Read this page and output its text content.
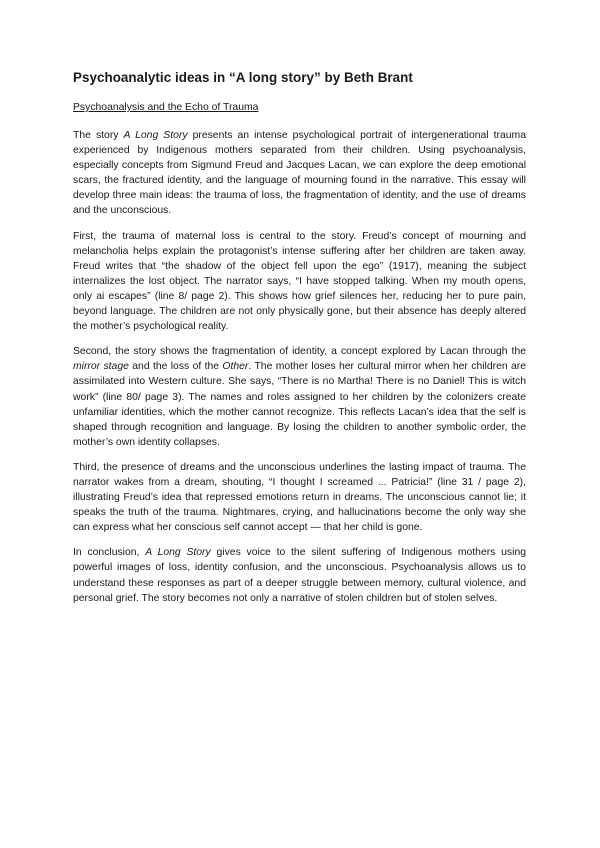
Psychoanalytic ideas in “A long story” by Beth Brant
Psychoanalysis and the Echo of Trauma

The story A Long Story presents an intense psychological portrait of intergenerational trauma experienced by Indigenous mothers separated from their children. Using psychoanalysis, especially concepts from Sigmund Freud and Jacques Lacan, we can explore the deep emotional scars, the fractured identity, and the language of mourning found in the narrative. This essay will develop three main ideas: the trauma of loss, the fragmentation of identity, and the use of dreams and the unconscious.

First, the trauma of maternal loss is central to the story. Freud’s concept of mourning and melancholia helps explain the protagonist’s intense suffering after her children are taken away. Freud writes that “the shadow of the object fell upon the ego” (1917), meaning the subject internalizes the lost object. The narrator says, “I have stopped talking. When my mouth opens, only ai escapes” (line 8/ page 2). This shows how grief silences her, reducing her to pure pain, beyond language. The children are not only physically gone, but their absence has deeply altered the mother’s psychological reality.

Second, the story shows the fragmentation of identity, a concept explored by Lacan through the mirror stage and the loss of the Other. The mother loses her cultural mirror when her children are assimilated into Western culture. She says, “There is no Martha! There is no Daniel! This is witch work” (line 80/ page 3). The names and roles assigned to her children by the colonizers create unfamiliar identities, which the mother cannot recognize. This reflects Lacan’s idea that the self is shaped through recognition and language. By losing the children to another symbolic order, the mother’s own identity collapses.

Third, the presence of dreams and the unconscious underlines the lasting impact of trauma. The narrator wakes from a dream, shouting, “I thought I screamed ... Patricia!” (line 31 / page 2), illustrating Freud’s idea that repressed emotions return in dreams. The unconscious cannot lie; it speaks the truth of the trauma. Nightmares, crying, and hallucinations become the only way she can express what her conscious self cannot accept — that her child is gone.

In conclusion, A Long Story gives voice to the silent suffering of Indigenous mothers using powerful images of loss, identity confusion, and the unconscious. Psychoanalysis allows us to understand these responses as part of a deeper struggle between memory, cultural violence, and personal grief. The story becomes not only a narrative of stolen children but of stolen selves.
